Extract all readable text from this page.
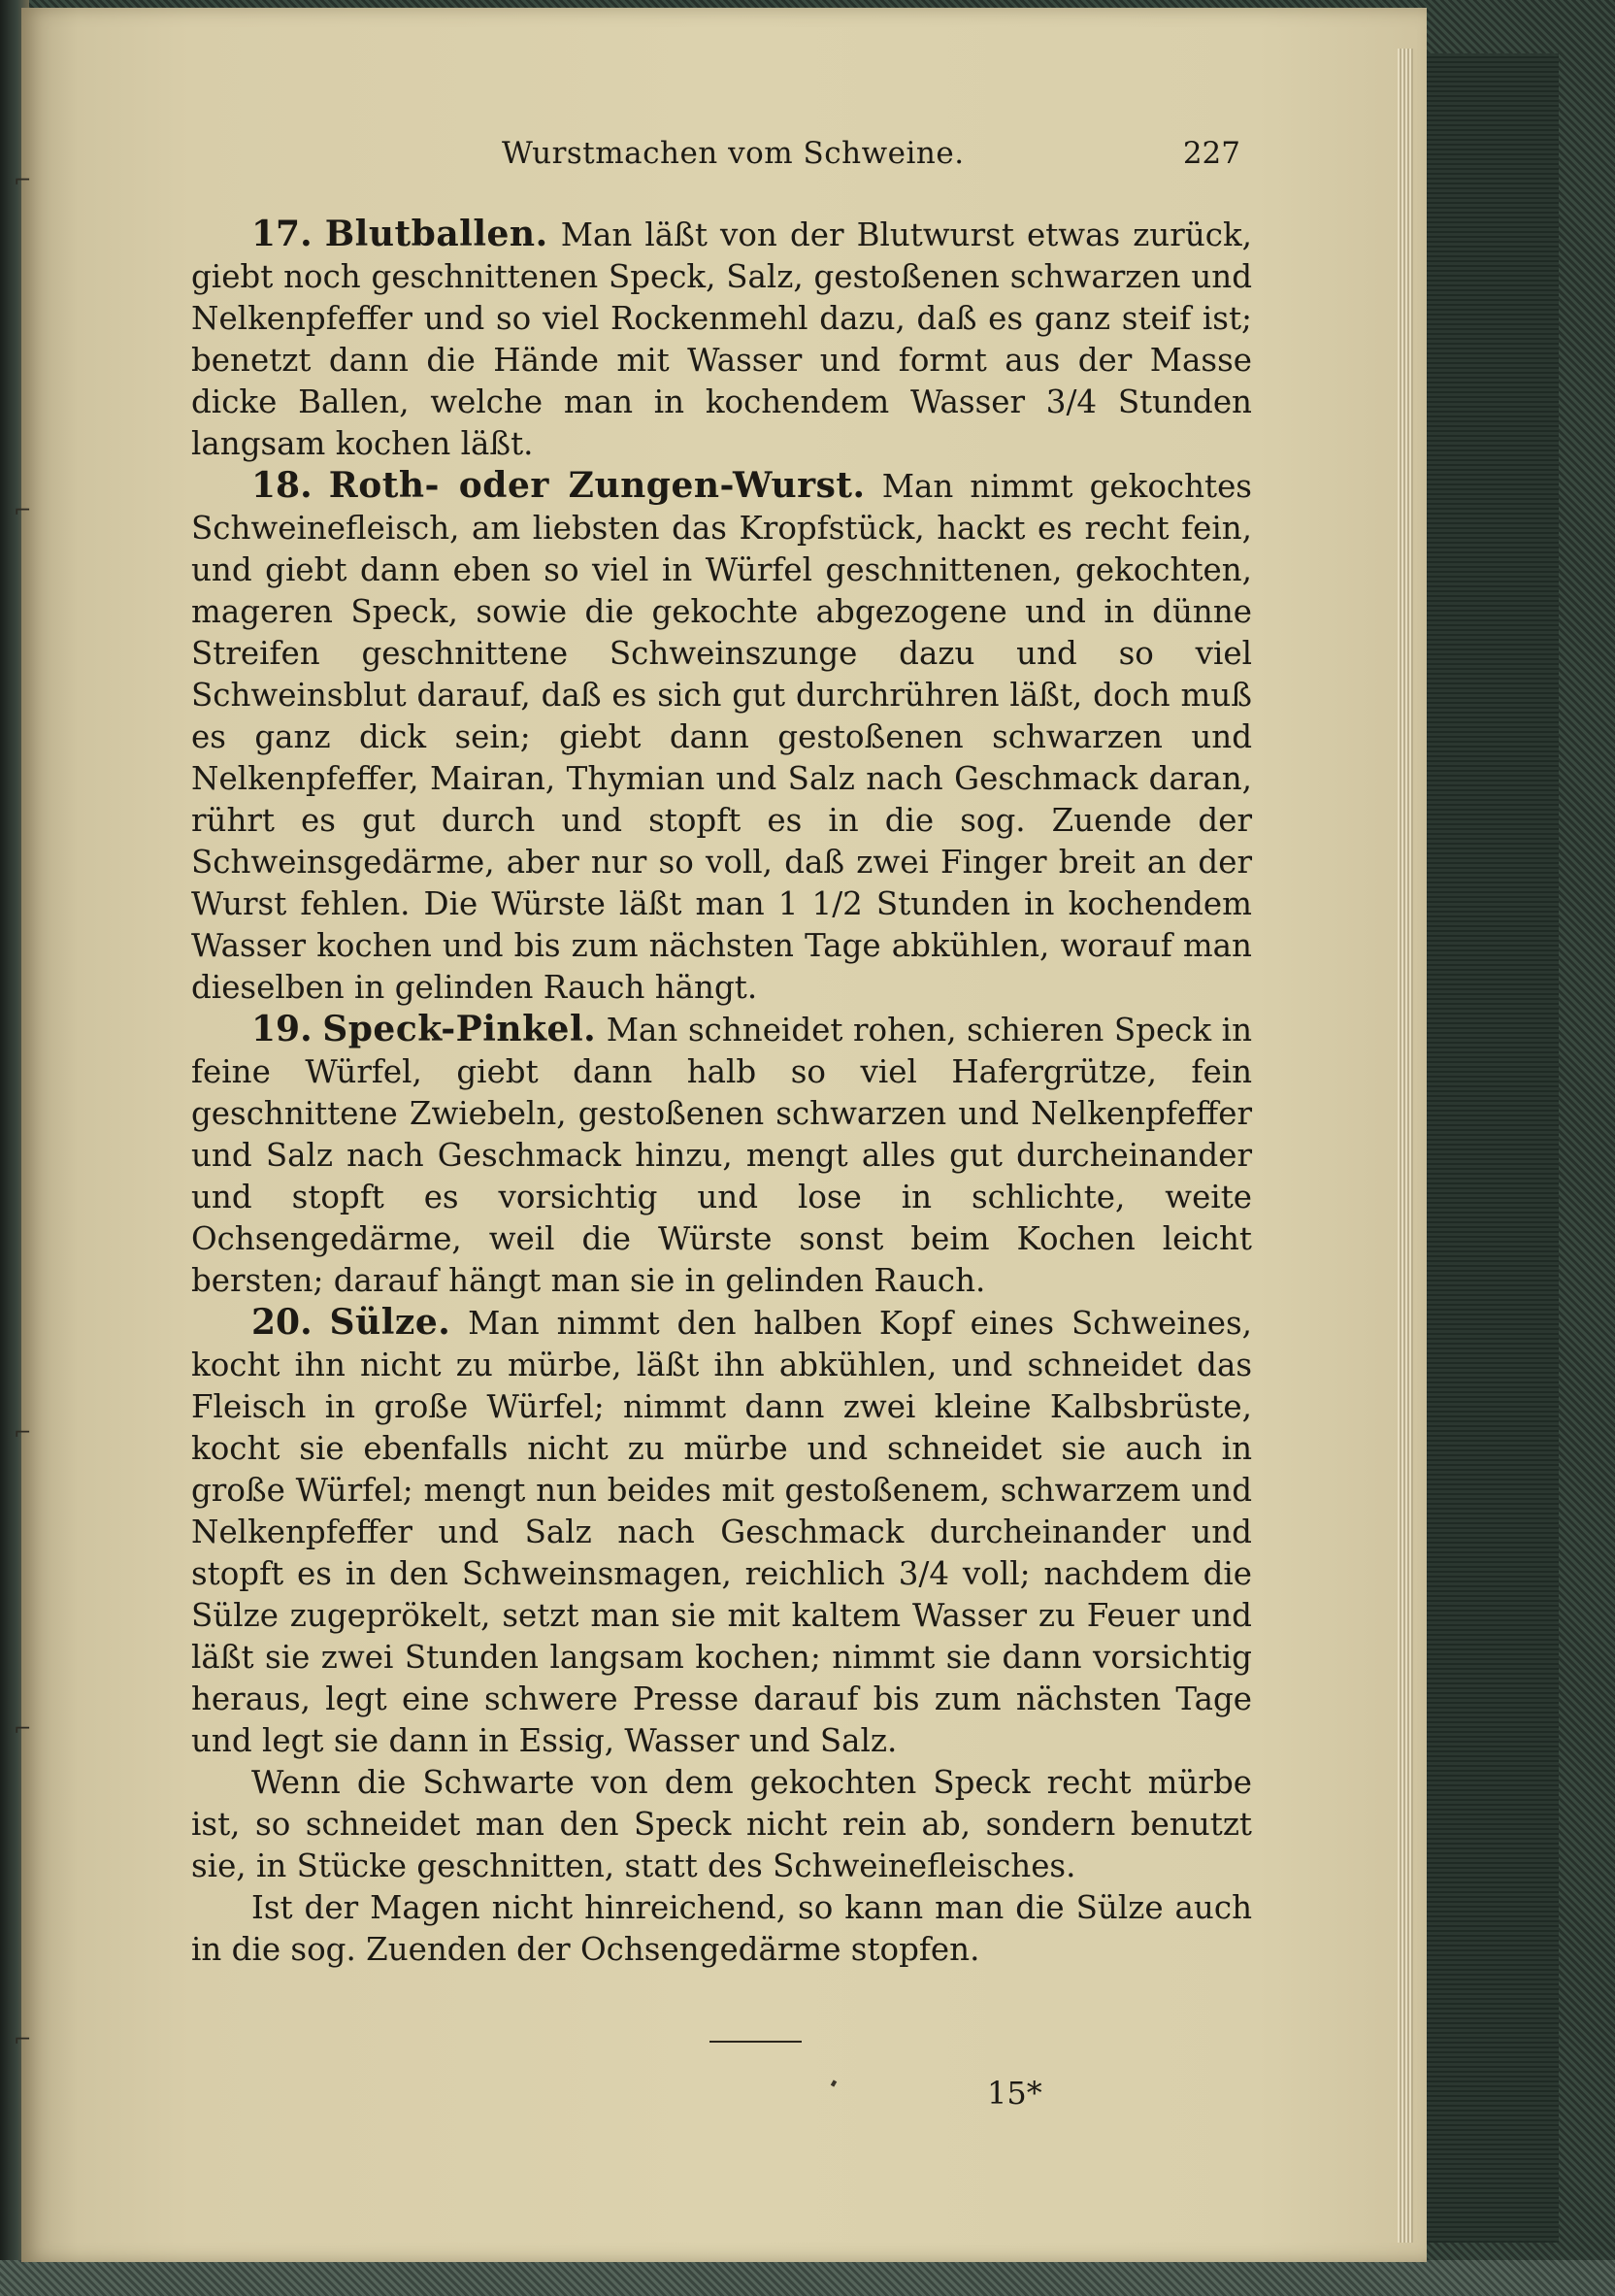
⌐
⌐
⌐
⌐
⌐
Wurstmachen vom Schweine.	227

17. Blutballen. Man läßt von der Blutwurst etwas zurück, giebt noch geschnittenen Speck, Salz, gestoßenen schwarzen und Nelkenpfeffer und so viel Rockenmehl dazu, daß es ganz steif ist; benetzt dann die Hände mit Wasser und formt aus der Masse dicke Ballen, welche man in kochendem Wasser 3/4 Stunden langsam kochen läßt.

18. Roth- oder Zungen-Wurst. Man nimmt gekochtes Schweinefleisch, am liebsten das Kropfstück, hackt es recht fein, und giebt dann eben so viel in Würfel geschnittenen, gekochten, mageren Speck, sowie die gekochte abgezogene und in dünne Streifen geschnittene Schweinszunge dazu und so viel Schweinsblut darauf, daß es sich gut durchrühren läßt, doch muß es ganz dick sein; giebt dann gestoßenen schwarzen und Nelkenpfeffer, Mairan, Thymian und Salz nach Geschmack daran, rührt es gut durch und stopft es in die sog. Zuende der Schweinsgedärme, aber nur so voll, daß zwei Finger breit an der Wurst fehlen. Die Würste läßt man 1 1/2 Stunden in kochendem Wasser kochen und bis zum nächsten Tage abkühlen, worauf man dieselben in gelinden Rauch hängt.

19. Speck-Pinkel. Man schneidet rohen, schieren Speck in feine Würfel, giebt dann halb so viel Hafergrütze, fein geschnittene Zwiebeln, gestoßenen schwarzen und Nelkenpfeffer und Salz nach Geschmack hinzu, mengt alles gut durcheinander und stopft es vorsichtig und lose in schlichte, weite Ochsengedärme, weil die Würste sonst beim Kochen leicht bersten; darauf hängt man sie in gelinden Rauch.

20. Sülze. Man nimmt den halben Kopf eines Schweines, kocht ihn nicht zu mürbe, läßt ihn abkühlen, und schneidet das Fleisch in große Würfel; nimmt dann zwei kleine Kalbsbrüste, kocht sie ebenfalls nicht zu mürbe und schneidet sie auch in große Würfel; mengt nun beides mit gestoßenem, schwarzem und Nelkenpfeffer und Salz nach Geschmack durcheinander und stopft es in den Schweinsmagen, reichlich 3/4 voll; nachdem die Sülze zugeprökelt, setzt man sie mit kaltem Wasser zu Feuer und läßt sie zwei Stunden langsam kochen; nimmt sie dann vorsichtig heraus, legt eine schwere Presse darauf bis zum nächsten Tage und legt sie dann in Essig, Wasser und Salz.

Wenn die Schwarte von dem gekochten Speck recht mürbe ist, so schneidet man den Speck nicht rein ab, sondern benutzt sie, in Stücke geschnitten, statt des Schweinefleisches.

Ist der Magen nicht hinreichend, so kann man die Sülze auch in die sog. Zuenden der Ochsengedärme stopfen.

15*
